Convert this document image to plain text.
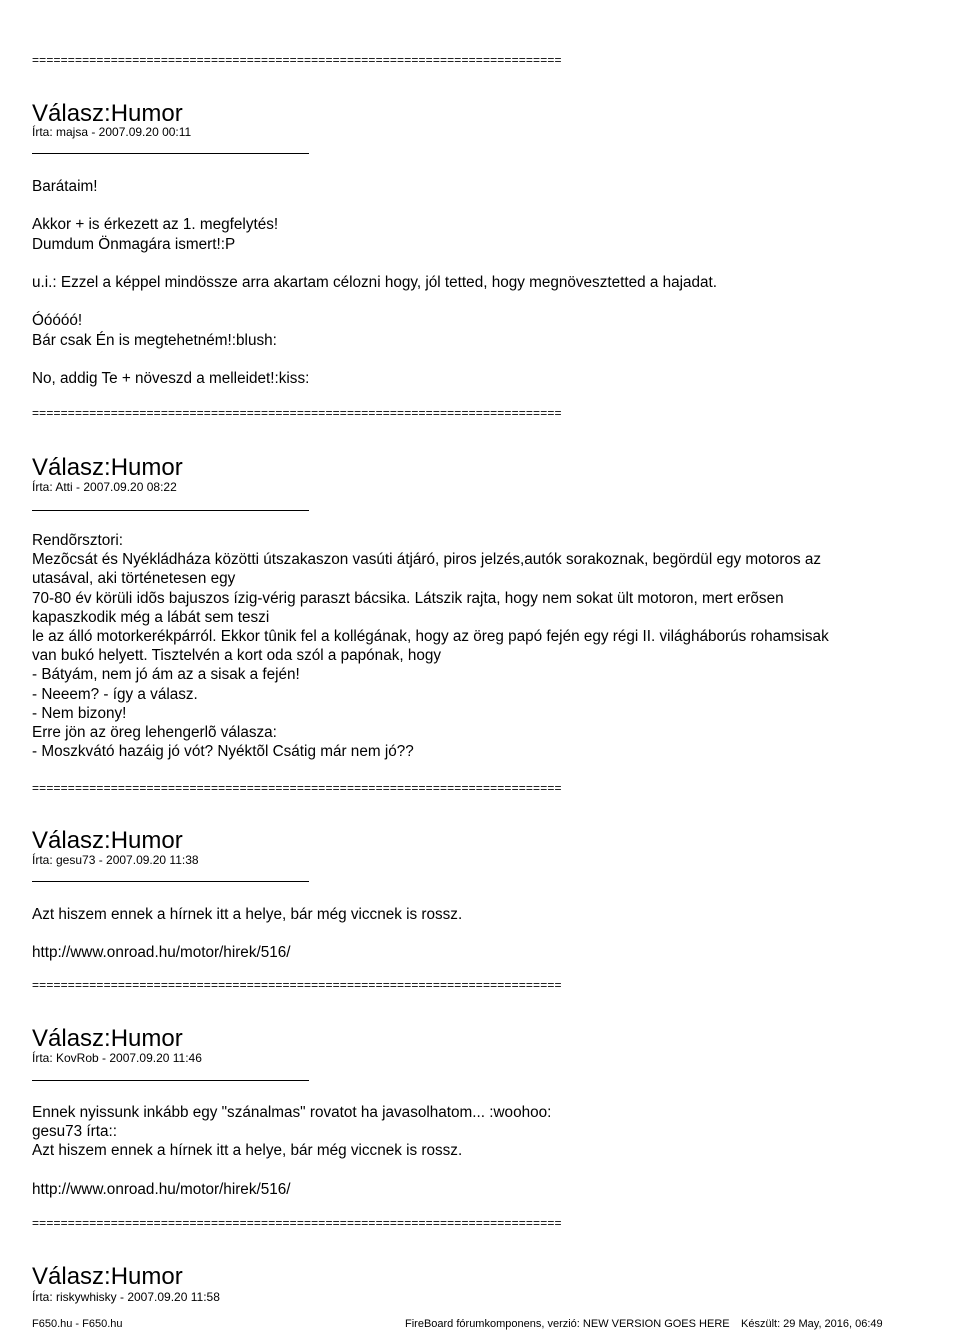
==========================================================================
Válasz:Humor
Írta: majsa - 2007.09.20 00:11
Barátaim!
Akkor + is érkezett az 1. megfelytés!
Dumdum Önmagára ismert!:P
u.i.: Ezzel a képpel mindössze arra akartam célozni hogy, jól tetted, hogy megnövesztetted a hajadat.
Óóóóó!
Bár csak Én is megtehetném!:blush:
No, addig Te + növeszd a melleidet!:kiss:
==========================================================================
Válasz:Humor
Írta: Atti - 2007.09.20 08:22
Rendõrsztori:
Mezõcsát és Nyékládháza közötti útszakaszon vasúti átjáró, piros jelzés,autók sorakoznak, begördül egy motoros az
utasával, aki történetesen egy
70-80 év körüli idõs bajuszos ízig-vérig paraszt bácsika. Látszik rajta, hogy nem sokat ült motoron, mert erõsen
kapaszkodik még a lábát sem teszi
le az álló motorkerékpárról. Ekkor tûnik fel a kollégának, hogy az öreg papó fején egy régi II. világháborús rohamsisak
van bukó helyett. Tisztelvén a kort oda szól a papónak, hogy
- Bátyám, nem jó ám az a sisak a fején!
- Neeem? - így a válasz.
- Nem bizony!
Erre jön az öreg lehengerlõ válasza:
- Moszkvátó hazáig jó vót? Nyéktõl Csátig már nem jó??
==========================================================================
Válasz:Humor
Írta: gesu73 - 2007.09.20 11:38
Azt hiszem ennek a hírnek itt a helye, bár még viccnek is rossz.
http://www.onroad.hu/motor/hirek/516/
==========================================================================
Válasz:Humor
Írta: KovRob - 2007.09.20 11:46
Ennek nyissunk inkább egy "szánalmas" rovatot ha javasolhatom... :woohoo:
gesu73 írta::
Azt hiszem ennek a hírnek itt a helye, bár még viccnek is rossz.
http://www.onroad.hu/motor/hirek/516/
==========================================================================
Válasz:Humor
Írta: riskywhisky - 2007.09.20 11:58
F650.hu - F650.hu	FireBoard fórumkomponens, verzió: NEW VERSION GOES HERE Készült: 29 May, 2016, 06:49
